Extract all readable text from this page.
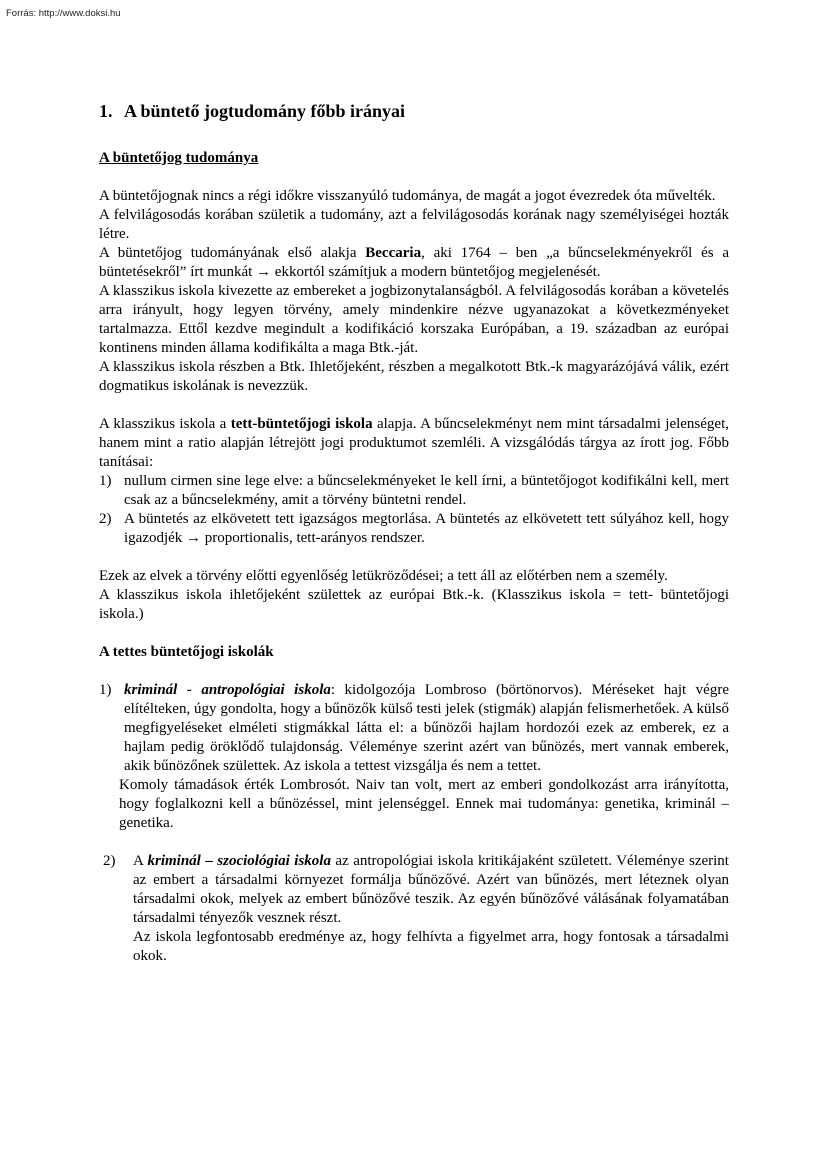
Forrás: http://www.doksi.hu
1. A büntető jogtudomány főbb irányai
A büntetőjog tudománya

A büntetőjognak nincs a régi időkre visszanyúló tudománya, de magát a jogot évezredek óta művelték.

A felvilágosodás korában születik a tudomány, azt a felvilágosodás korának nagy személyiségei hozták létre.

A büntetőjog tudományának első alakja Beccaria, aki 1764 – ben „a bűncselekményekről és a büntetésekről” írt munkát → ekkortól számítjuk a modern büntetőjog megjelenését.

A klasszikus iskola kivezette az embereket a jogbizonytalanságból. A felvilágosodás korában a követelés arra irányult, hogy legyen törvény, amely mindenkire nézve ugyanazokat a következményeket tartalmazza. Ettől kezdve megindult a kodifikáció korszaka Európában, a 19. században az európai kontinens minden állama kodifikálta a maga Btk.-ját.

A klasszikus iskola részben a Btk. Ihletőjeként, részben a megalkotott Btk.-k magyarázójává válik, ezért dogmatikus iskolának is nevezzük.

A klasszikus iskola a tett-büntetőjogi iskola alapja. A bűncselekményt nem mint társadalmi jelenséget, hanem mint a ratio alapján létrejött jogi produktumot szemléli. A vizsgálódás tárgya az írott jog. Főbb tanításai:

1) nullum cirmen sine lege elve: a bűncselekményeket le kell írni, a büntetőjogot kodifikálni kell, mert csak az a bűncselekmény, amit a törvény büntetni rendel.
2) A büntetés az elkövetett tett igazságos megtorlása. A büntetés az elkövetett tett súlyához kell, hogy igazodjék → proportionalis, tett-arányos rendszer.

Ezek az elvek a törvény előtti egyenlőség letükröződései; a tett áll az előtérben nem a személy.

A klasszikus iskola ihletőjeként születtek az európai Btk.-k. (Klasszikus iskola = tett- büntetőjogi iskola.)

A tettes büntetőjogi iskolák
1) kriminál - antropológiai iskola: kidolgozója Lombroso (börtönorvos). Méréseket hajt végre elítélteken, úgy gondolta, hogy a bűnözők külső testi jelek (stigmák) alapján felismerhetőek. A külső megfigyeléseket elméleti stigmákkal látta el: a bűnözői hajlam hordozói ezek az emberek, ez a hajlam pedig öröklődő tulajdonság. Véleménye szerint azért van bűnözés, mert vannak emberek, akik bűnözőnek születtek. Az iskola a tettest vizsgálja és nem a tettet.

Komoly támadások érték Lombrosót. Naiv tan volt, mert az emberi gondolkozást arra irányította, hogy foglalkozni kell a bűnözéssel, mint jelenséggel. Ennek mai tudománya: genetika, kriminál – genetika.

2) A kriminál – szociológiai iskola az antropológiai iskola kritikájaként született. Véleménye szerint az embert a társadalmi környezet formálja bűnözővé. Azért van bűnözés, mert léteznek olyan társadalmi okok, melyek az embert bűnözővé teszik. Az egyén bűnözővé válásának folyamatában társadalmi tényezők vesznek részt.

Az iskola legfontosabb eredménye az, hogy felhívta a figyelmet arra, hogy fontosak a társadalmi okok.
